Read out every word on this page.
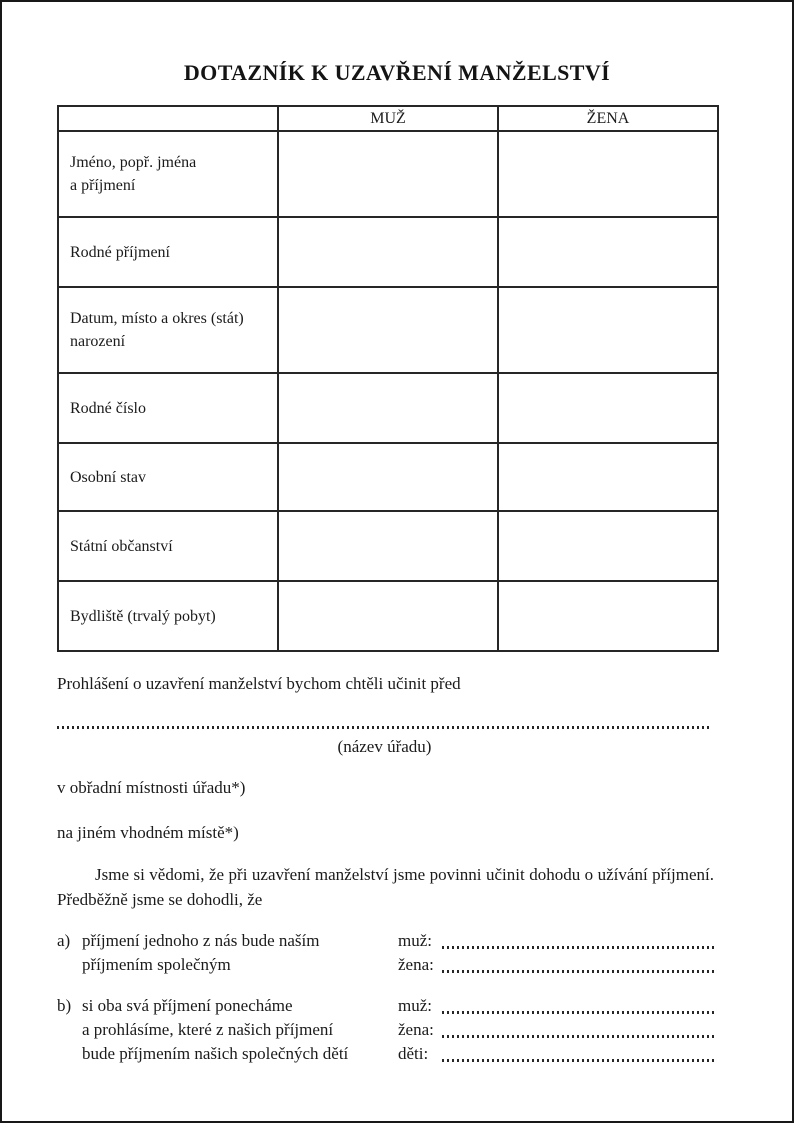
DOTAZNÍK K UZAVŘENÍ MANŽELSTVÍ
	MUŽ	ŽENA

Jméno, popř. jména
a příjmení		

Rodné příjmení		

Datum, místo a okres (stát)
narození		

Rodné číslo		

Osobní stav		

Státní občanství		

Bydliště (trvalý pobyt)		

Prohlášení o uzavření manželství bychom chtěli učinit před

(název úřadu)

v obřadní místnosti úřadu*)

na jiném vhodném místě*)

Jsme si vědomi, že při uzavření manželství jsme povinni učinit dohodu o užívání příjmení. Předběžně jsme se dohodli, že

a) příjmení jednoho z nás bude naším
příjmením společným
muž:
žena:
b) si oba svá příjmení ponecháme
a prohlásíme, které z našich příjmení
bude příjmením našich společných dětí
muž:
žena:
děti:
